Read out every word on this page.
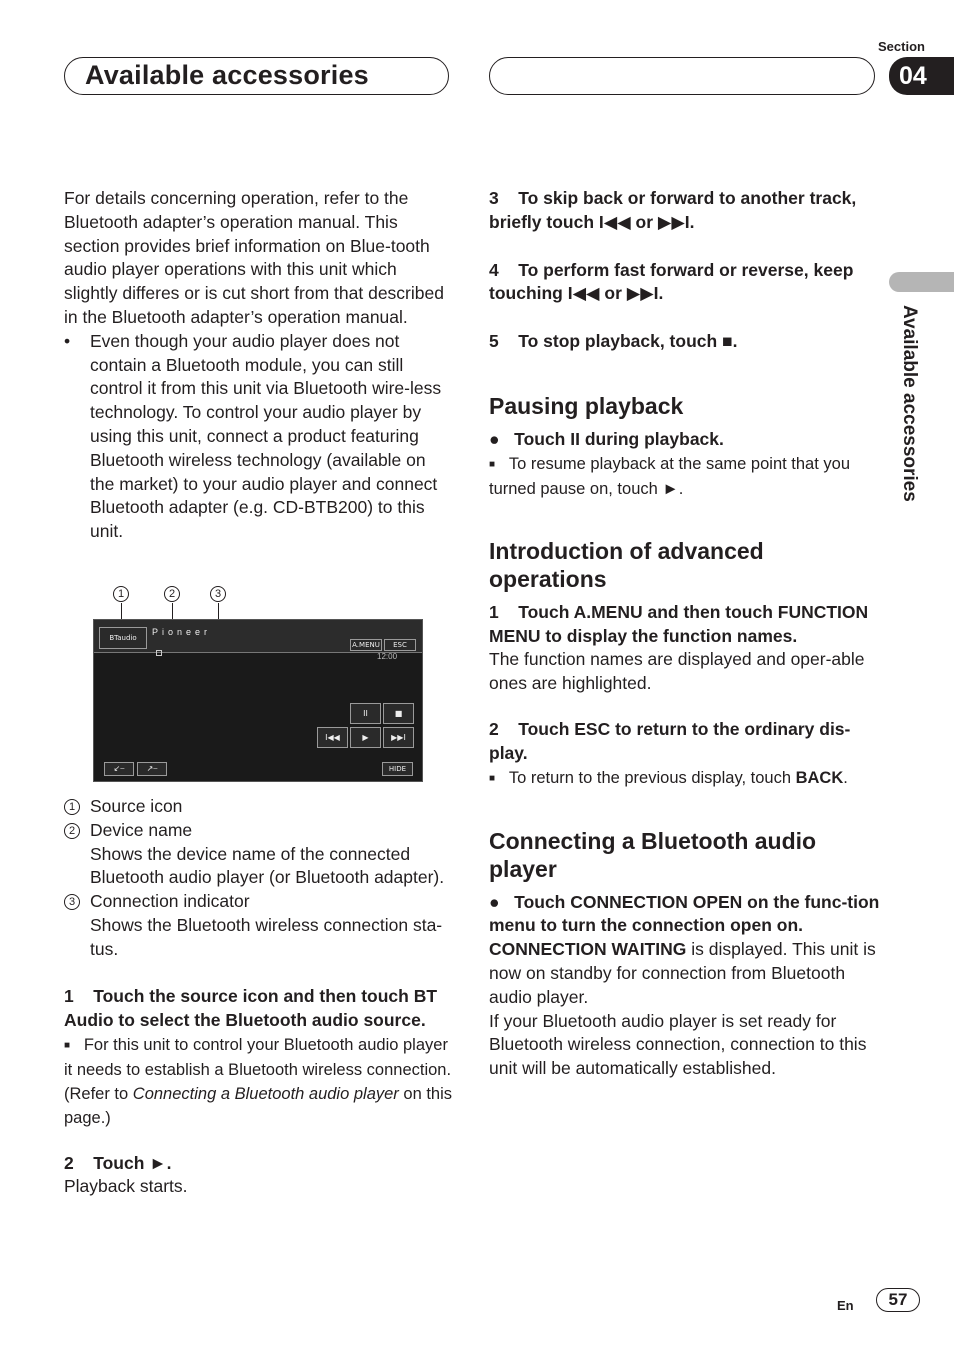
Available accessories
Section
04
Available accessories

For details concerning operation, refer to the Bluetooth adapter’s operation manual. This section provides brief information on Blue-tooth audio player operations with this unit which slightly differes or is cut short from that described in the Bluetooth adapter’s operation manual.

• Even though your audio player does not contain a Bluetooth module, you can still control it from this unit via Bluetooth wire-less technology. To control your audio player by using this unit, connect a product featuring Bluetooth wireless technology (available on the market) to your audio player and connect Bluetooth adapter (e.g. CD-BTB200) to this unit.
1	2	3
BTaudio
Pioneer
A.MENU	ESC
12:00
II	■
I◀◀	▶	▶▶I
↙⎯	↗⎯	HIDE
1 Source icon
2 Device name
Shows the device name of the connected Bluetooth audio player (or Bluetooth adapter).
3 Connection indicator
Shows the Bluetooth wireless connection sta-tus.

1 Touch the source icon and then touch BT Audio to select the Bluetooth audio source.

■ For this unit to control your Bluetooth audio player it needs to establish a Bluetooth wireless connection. (Refer to Connecting a Bluetooth audio player on this page.)

2 Touch ►.

Playback starts.

3 To skip back or forward to another track, briefly touch I◀◀ or ▶▶I.

4 To perform fast forward or reverse, keep touching I◀◀ or ▶▶I.

5 To stop playback, touch ■.

Pausing playback

● Touch II during playback.

■ To resume playback at the same point that you turned pause on, touch ►.

Introduction of advanced operations

1 Touch A.MENU and then touch FUNCTION MENU to display the function names.

The function names are displayed and oper-able ones are highlighted.

2 Touch ESC to return to the ordinary dis-play.

■ To return to the previous display, touch BACK.

Connecting a Bluetooth audio player

● Touch CONNECTION OPEN on the func-tion menu to turn the connection open on.

CONNECTION WAITING is displayed. This unit is now on standby for connection from Bluetooth audio player.

If your Bluetooth audio player is set ready for Bluetooth wireless connection, connection to this unit will be automatically established.

En	57
